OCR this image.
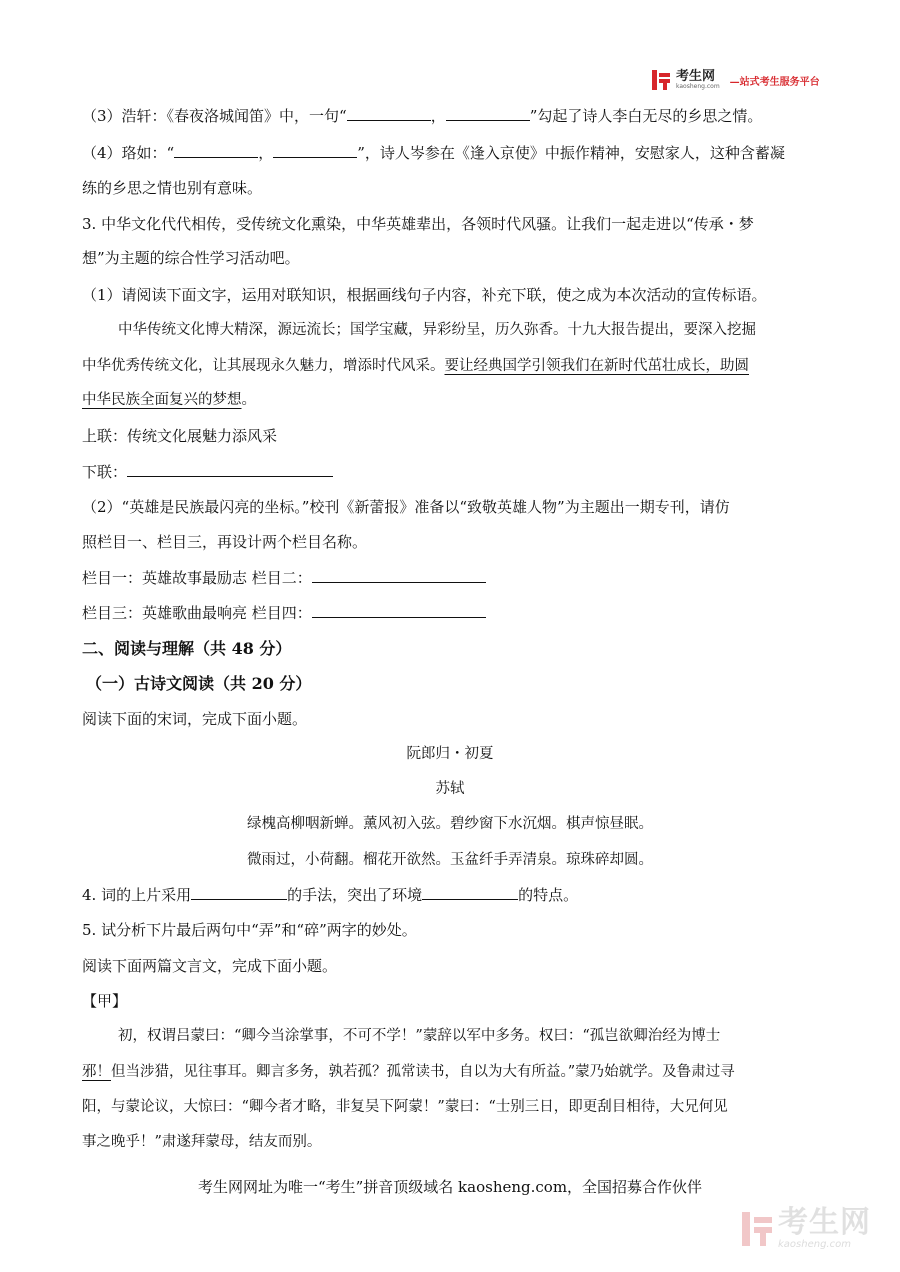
考生网
kaosheng.com —站式考生服务平台
（3）浩轩：《春夜洛城闻笛》中，一句“	，	”勾起了诗人李白无尽的乡思之情。
（4）珞如：“	，	”，诗人岑参在《逢入京使》中振作精神，安慰家人，这种含蓄凝
练的乡思之情也别有意味。
3. 中华文化代代相传，受传统文化熏染，中华英雄辈出，各领时代风骚。让我们一起走进以“传承・梦
想”为主题的综合性学习活动吧。
（1）请阅读下面文字，运用对联知识，根据画线句子内容，补充下联，使之成为本次活动的宣传标语。
中华传统文化博大精深，源远流长；国学宝藏，异彩纷呈，历久弥香。十九大报告提出，要深入挖掘
中华优秀传统文化，让其展现永久魅力，增添时代风采。要让经典国学引领我们在新时代茁壮成长，助圆
中华民族全面复兴的梦想。
上联：传统文化展魅力添风采
下联：
（2）“英雄是民族最闪亮的坐标。”校刊《新蕾报》准备以“致敬英雄人物”为主题出一期专刊，请仿
照栏目一、栏目三，再设计两个栏目名称。
栏目一：英雄故事最励志 栏目二：
栏目三：英雄歌曲最响亮 栏目四：
二、阅读与理解（共 48 分）
（一）古诗文阅读（共 20 分）
阅读下面的宋词，完成下面小题。
阮郎归・初夏
苏轼
绿槐高柳咽新蝉。薰风初入弦。碧纱窗下水沉烟。棋声惊昼眠。
微雨过，小荷翻。榴花开欲然。玉盆纤手弄清泉。琼珠碎却圆。
4. 词的上片采用	的手法，突出了环境	的特点。
5. 试分析下片最后两句中“弄”和“碎”两字的妙处。
阅读下面两篇文言文，完成下面小题。
【甲】
初，权谓吕蒙曰：“卿今当涂掌事，不可不学！”蒙辞以军中多务。权曰：“孤岂欲卿治经为博士
邪！但当涉猎，见往事耳。卿言多务，孰若孤？孤常读书，自以为大有所益。”蒙乃始就学。及鲁肃过寻
阳，与蒙论议，大惊曰：“卿今者才略，非复吴下阿蒙！”蒙曰：“士别三日，即更刮目相待，大兄何见
事之晚乎！”肃遂拜蒙母，结友而别。
考生网网址为唯一“考生”拼音顶级域名 kaosheng.com，全国招募合作伙伴
考生网
kaosheng.com
